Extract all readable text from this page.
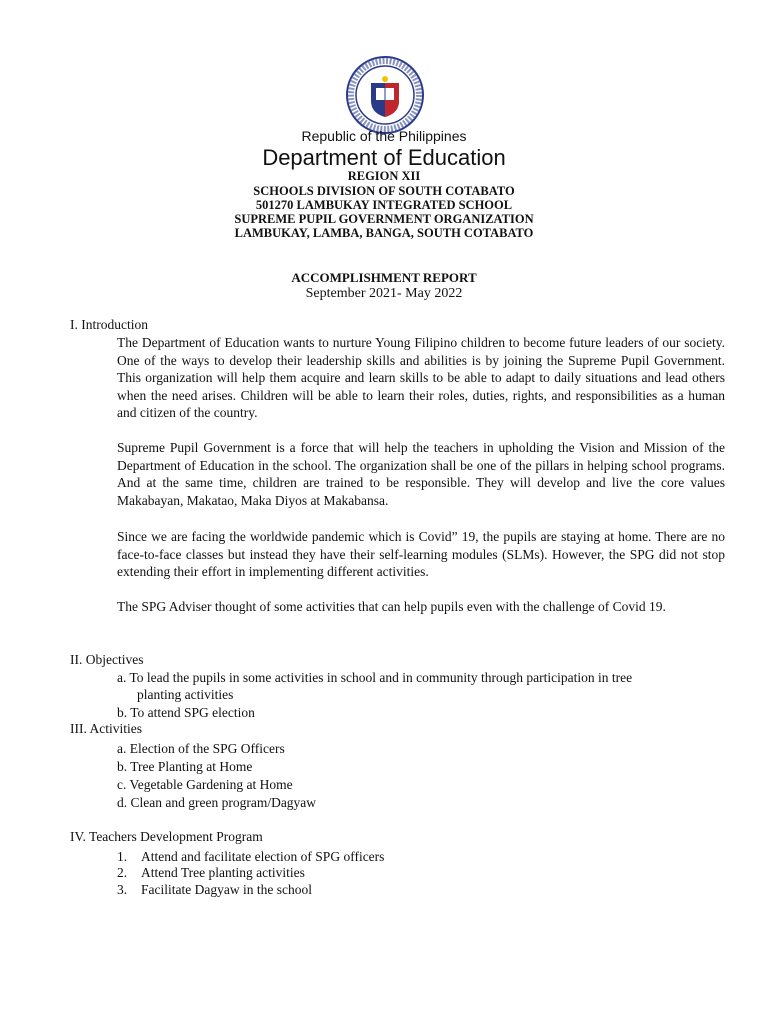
Republic of the Philippines
Department of Education
REGION XII
SCHOOLS DIVISION OF SOUTH COTABATO
501270 LAMBUKAY INTEGRATED SCHOOL
SUPREME PUPIL GOVERNMENT ORGANIZATION
LAMBUKAY, LAMBA, BANGA, SOUTH COTABATO
ACCOMPLISHMENT REPORT
September 2021- May 2022
I. Introduction

The Department of Education wants to nurture Young Filipino children to become future leaders of our society. One of the ways to develop their leadership skills and abilities is by joining the Supreme Pupil Government. This organization will help them acquire and learn skills to be able to adapt to daily situations and lead others when the need arises. Children will be able to learn their roles, duties, rights, and responsibilities as a human and citizen of the country.

Supreme Pupil Government is a force that will help the teachers in upholding the Vision and Mission of the Department of Education in the school. The organization shall be one of the pillars in helping school programs. And at the same time, children are trained to be responsible. They will develop and live the core values Makabayan, Makatao, Maka Diyos at Makabansa.

Since we are facing the worldwide pandemic which is Covid” 19, the pupils are staying at home. There are no face-to-face classes but instead they have their self-learning modules (SLMs). However, the SPG did not stop extending their effort in implementing different activities.

The SPG Adviser thought of some activities that can help pupils even with the challenge of Covid 19.

II. Objectives
a. To lead the pupils in some activities in school and in community through participation in tree
planting activities
b. To attend SPG election
III. Activities
a. Election of the SPG Officers
b. Tree Planting at Home
c. Vegetable Gardening at Home
d. Clean and green program/Dagyaw
IV. Teachers Development Program
1. Attend and facilitate election of SPG officers
2. Attend Tree planting activities
3. Facilitate Dagyaw in the school
